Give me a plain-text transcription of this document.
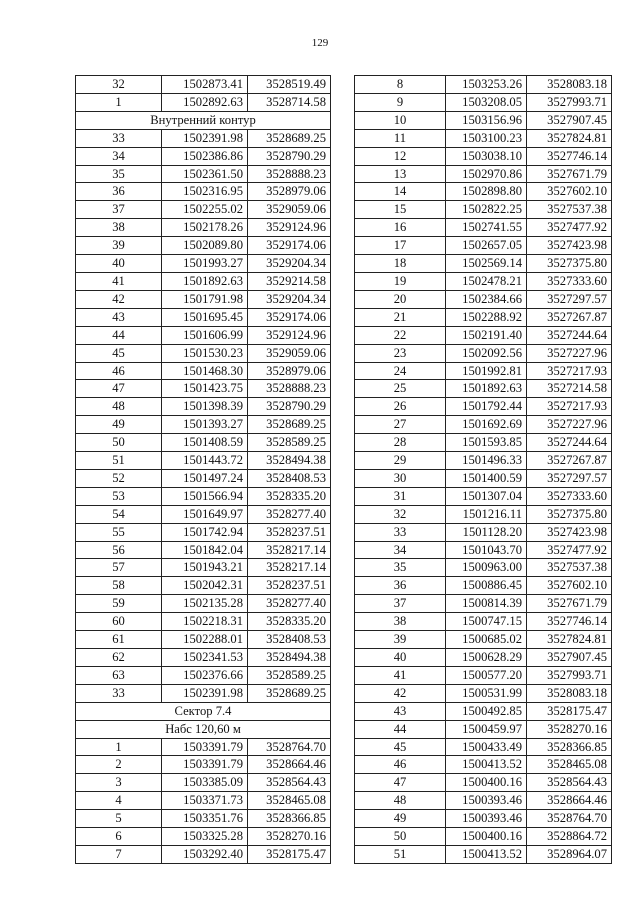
129
32	1502873.41	3528519.49
1	1502892.63	3528714.58
Внутренний контур		
33	1502391.98	3528689.25
34	1502386.86	3528790.29
35	1502361.50	3528888.23
36	1502316.95	3528979.06
37	1502255.02	3529059.06
38	1502178.26	3529124.96
39	1502089.80	3529174.06
40	1501993.27	3529204.34
41	1501892.63	3529214.58
42	1501791.98	3529204.34
43	1501695.45	3529174.06
44	1501606.99	3529124.96
45	1501530.23	3529059.06
46	1501468.30	3528979.06
47	1501423.75	3528888.23
48	1501398.39	3528790.29
49	1501393.27	3528689.25
50	1501408.59	3528589.25
51	1501443.72	3528494.38
52	1501497.24	3528408.53
53	1501566.94	3528335.20
54	1501649.97	3528277.40
55	1501742.94	3528237.51
56	1501842.04	3528217.14
57	1501943.21	3528217.14
58	1502042.31	3528237.51
59	1502135.28	3528277.40
60	1502218.31	3528335.20
61	1502288.01	3528408.53
62	1502341.53	3528494.38
63	1502376.66	3528589.25
33	1502391.98	3528689.25
Сектор 7.4		
Набс 120,60 м		
1	1503391.79	3528764.70
2	1503391.79	3528664.46
3	1503385.09	3528564.43
4	1503371.73	3528465.08
5	1503351.76	3528366.85
6	1503325.28	3528270.16
7	1503292.40	3528175.47
8	1503253.26	3528083.18
9	1503208.05	3527993.71
10	1503156.96	3527907.45
11	1503100.23	3527824.81
12	1503038.10	3527746.14
13	1502970.86	3527671.79
14	1502898.80	3527602.10
15	1502822.25	3527537.38
16	1502741.55	3527477.92
17	1502657.05	3527423.98
18	1502569.14	3527375.80
19	1502478.21	3527333.60
20	1502384.66	3527297.57
21	1502288.92	3527267.87
22	1502191.40	3527244.64
23	1502092.56	3527227.96
24	1501992.81	3527217.93
25	1501892.63	3527214.58
26	1501792.44	3527217.93
27	1501692.69	3527227.96
28	1501593.85	3527244.64
29	1501496.33	3527267.87
30	1501400.59	3527297.57
31	1501307.04	3527333.60
32	1501216.11	3527375.80
33	1501128.20	3527423.98
34	1501043.70	3527477.92
35	1500963.00	3527537.38
36	1500886.45	3527602.10
37	1500814.39	3527671.79
38	1500747.15	3527746.14
39	1500685.02	3527824.81
40	1500628.29	3527907.45
41	1500577.20	3527993.71
42	1500531.99	3528083.18
43	1500492.85	3528175.47
44	1500459.97	3528270.16
45	1500433.49	3528366.85
46	1500413.52	3528465.08
47	1500400.16	3528564.43
48	1500393.46	3528664.46
49	1500393.46	3528764.70
50	1500400.16	3528864.72
51	1500413.52	3528964.07
